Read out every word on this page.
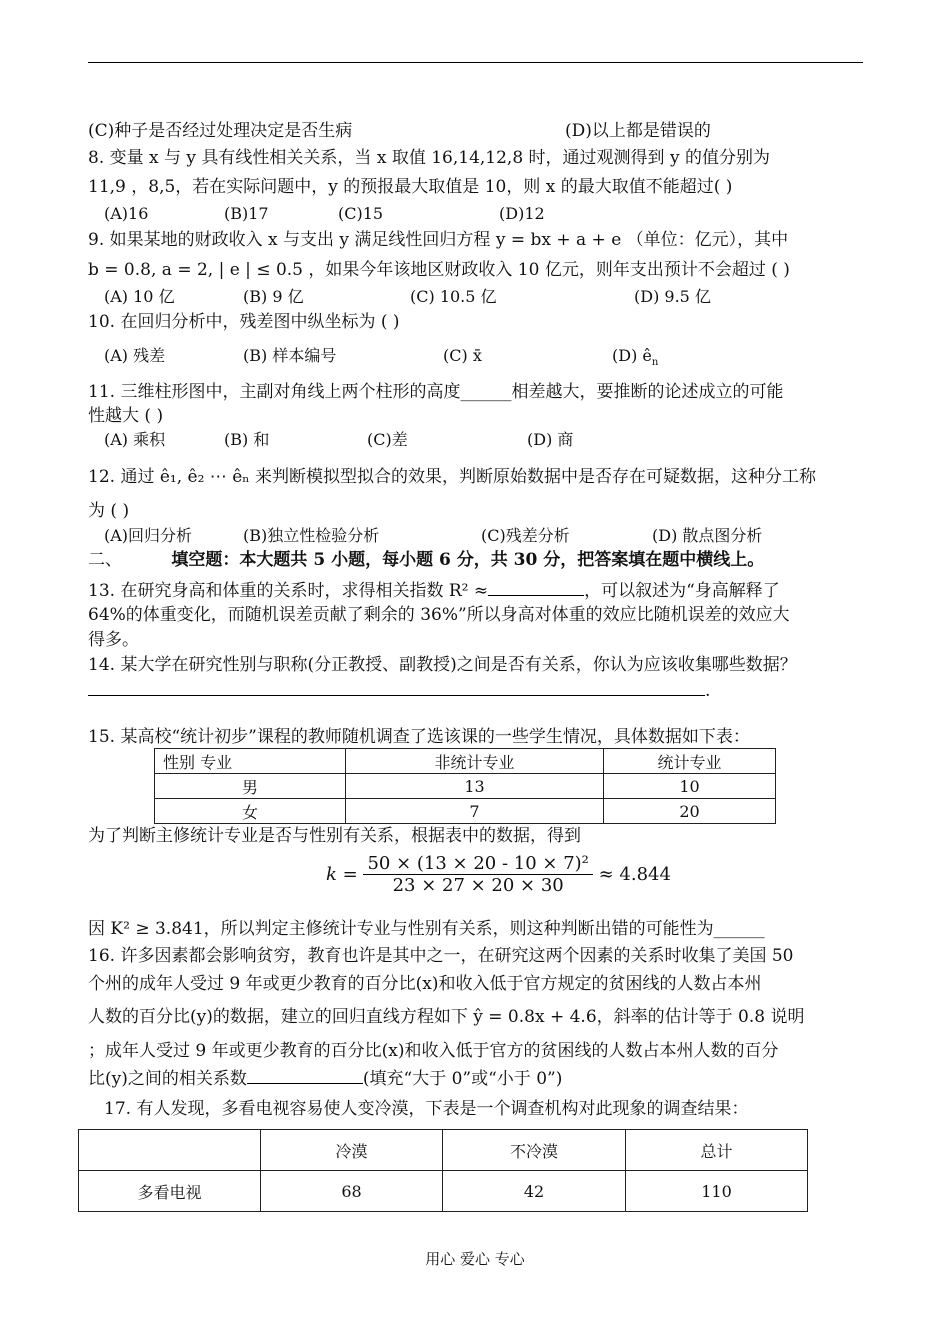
(C)种子是否经过处理决定是否生病	(D)以上都是错误的
8. 变量 x 与 y 具有线性相关关系，当 x 取值 16,14,12,8 时，通过观测得到 y 的值分别为
11,9 ，8,5，若在实际问题中，y 的预报最大取值是 10，则 x 的最大取值不能超过( )
(A)16	(B)17	(C)15	(D)12
9. 如果某地的财政收入 x 与支出 y 满足线性回归方程 y = bx + a + e （单位：亿元），其中
b = 0.8, a = 2, | e | ≤ 0.5 ，如果今年该地区财政收入 10 亿元，则年支出预计不会超过 ( )
(A) 10 亿	(B) 9 亿	(C) 10.5 亿	(D) 9.5 亿
10. 在回归分析中，残差图中纵坐标为 ( )
(A) 残差	(B) 样本编号	(C) x̄	(D) $ê_n$
11. 三维柱形图中，主副对角线上两个柱形的高度______相差越大，要推断的论述成立的可能
性越大 ( )
(A) 乘积	(B) 和	(C)差	(D) 商
12. 通过 ê₁, ê₂ ⋯ êₙ 来判断模拟型拟合的效果，判断原始数据中是否存在可疑数据，这种分工称
为 ( )
(A)回归分析	(B)独立性检验分析	(C)残差分析	(D) 散点图分析
二、	填空题：本大题共 5 小题，每小题 6 分，共 30 分，把答案填在题中横线上。
13. 在研究身高和体重的关系时，求得相关指数 R² ≈	，可以叙述为“身高解释了
64%的体重变化，而随机误差贡献了剩余的 36%”所以身高对体重的效应比随机误差的效应大
得多。
14. 某大学在研究性别与职称(分正教授、副教授)之间是否有关系，你认为应该收集哪些数据？
.
15. 某高校“统计初步”课程的教师随机调查了选该课的一些学生情况，具体数据如下表：
性别 专业	非统计专业	统计专业
男	13	10
女	7	20
为了判断主修统计专业是否与性别有关系，根据表中的数据，得到
$k = \frac{\text{50 × (13 × 20 - 10 × 7)²}}{23 \times 27 \times 20 \times 30} \approx 4.844$
因 K² ≥ 3.841，所以判定主修统计专业与性别有关系，则这种判断出错的可能性为______
16. 许多因素都会影响贫穷，教育也许是其中之一，在研究这两个因素的关系时收集了美国 50
个州的成年人受过 9 年或更少教育的百分比(x)和收入低于官方规定的贫困线的人数占本州
人数的百分比(y)的数据，建立的回归直线方程如下 ŷ = 0.8x + 4.6，斜率的估计等于 0.8 说明
；成年人受过 9 年或更少教育的百分比(x)和收入低于官方的贫困线的人数占本州人数的百分
比(y)之间的相关系数	(填充“大于 0”或“小于 0”)
17. 有人发现，多看电视容易使人变冷漠，下表是一个调查机构对此现象的调查结果：
	冷漠	不冷漠	总计
多看电视	68	42	110
用心 爱心 专心
